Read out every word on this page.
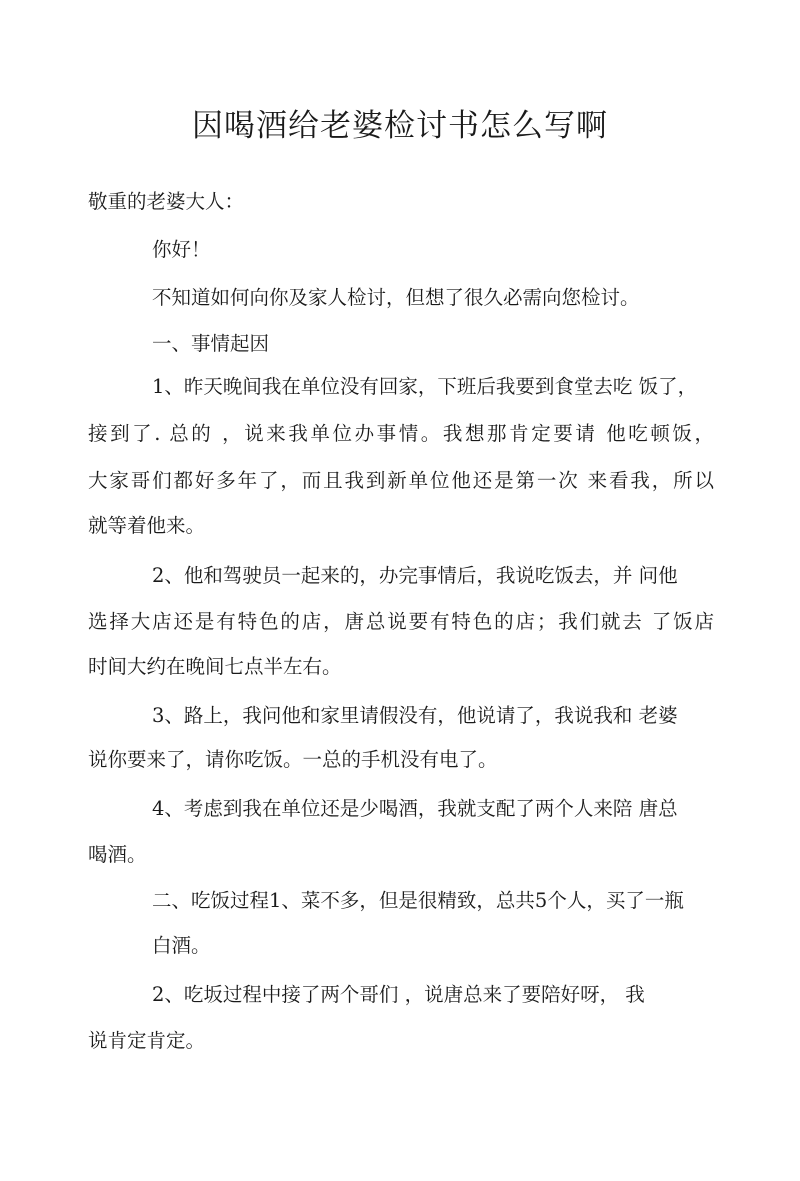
因喝酒给老婆检讨书怎么写啊

敬重的老婆大人：

你好！

不知道如何向你及家人检讨，但想了很久必需向您检讨。

一、事情起因

1、昨天晚间我在单位没有回家，下班后我要到食堂去吃 饭了，

接到了. 总的 ，说来我单位办事情。我想那肯定要请 他吃顿饭，

大家哥们都好多年了，而且我到新单位他还是第一次 来看我，所以

就等着他来。

2、他和驾驶员一起来的，办完事情后，我说吃饭去，并 问他

选择大店还是有特色的店，唐总说要有特色的店；我们就去 了饭店

时间大约在晚间七点半左右。

3、路上，我问他和家里请假没有，他说请了，我说我和 老婆

说你要来了，请你吃饭。一总的手机没有电了。

4、考虑到我在单位还是少喝酒，我就支配了两个人来陪 唐总

喝酒。

二、吃饭过程1、菜不多，但是很精致，总共5个人，买了一瓶

白酒。

2、吃坂过程中接了两个哥们 ，说唐总来了要陪好呀， 我

说肯定肯定。
